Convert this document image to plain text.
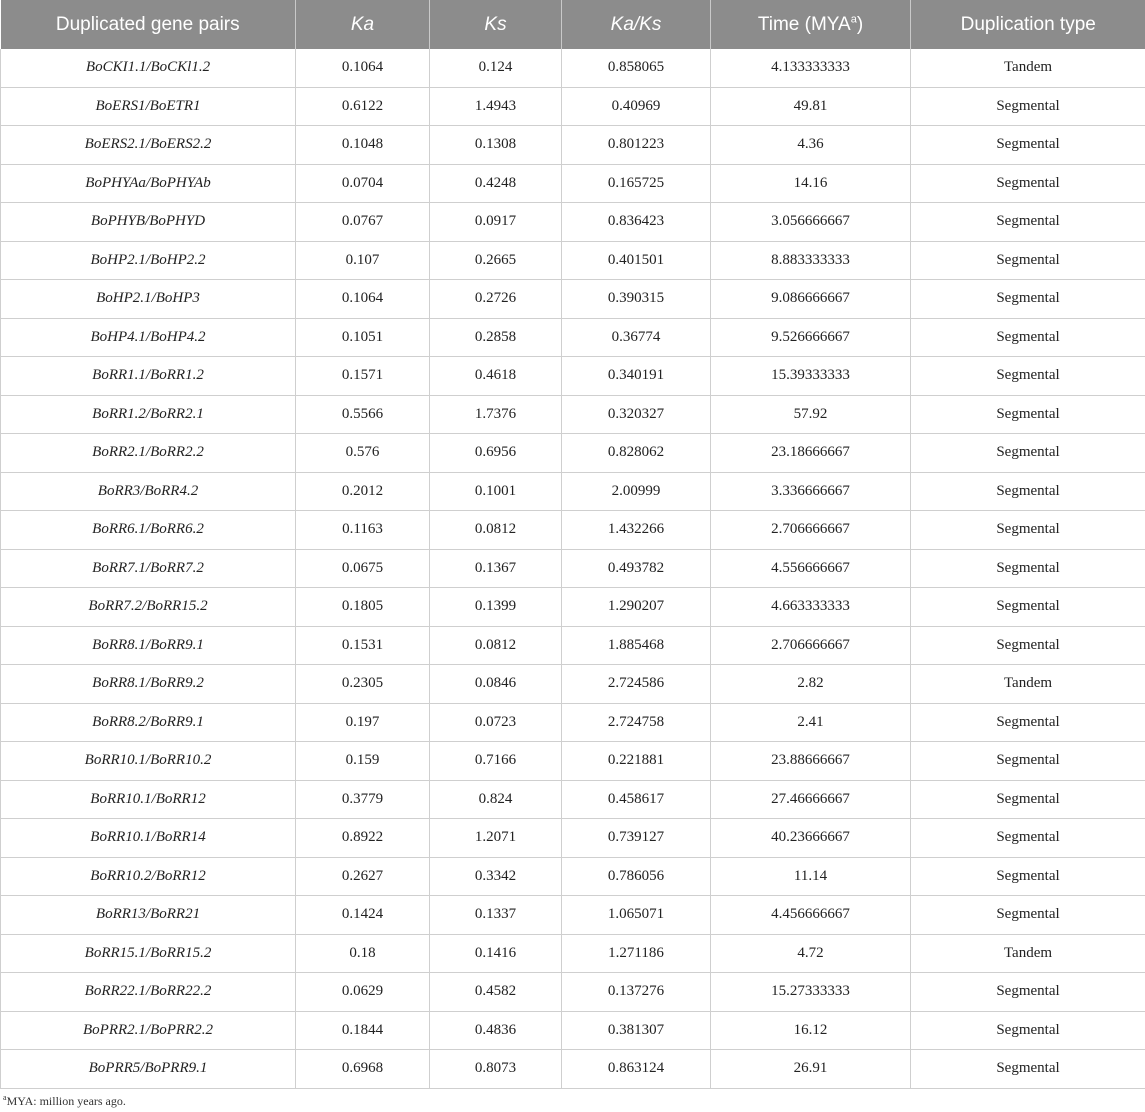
Duplicated gene pairs	Ka	Ks	Ka/Ks	Time (MYA$^a$)	Duplication type
BoCKI1.1/BoCKl1.2	0.1064	0.124	0.858065	4.133333333	Tandem
BoERS1/BoETR1	0.6122	1.4943	0.40969	49.81	Segmental
BoERS2.1/BoERS2.2	0.1048	0.1308	0.801223	4.36	Segmental
BoPHYAa/BoPHYAb	0.0704	0.4248	0.165725	14.16	Segmental
BoPHYB/BoPHYD	0.0767	0.0917	0.836423	3.056666667	Segmental
BoHP2.1/BoHP2.2	0.107	0.2665	0.401501	8.883333333	Segmental
BoHP2.1/BoHP3	0.1064	0.2726	0.390315	9.086666667	Segmental
BoHP4.1/BoHP4.2	0.1051	0.2858	0.36774	9.526666667	Segmental
BoRR1.1/BoRR1.2	0.1571	0.4618	0.340191	15.39333333	Segmental
BoRR1.2/BoRR2.1	0.5566	1.7376	0.320327	57.92	Segmental
BoRR2.1/BoRR2.2	0.576	0.6956	0.828062	23.18666667	Segmental
BoRR3/BoRR4.2	0.2012	0.1001	2.00999	3.336666667	Segmental
BoRR6.1/BoRR6.2	0.1163	0.0812	1.432266	2.706666667	Segmental
BoRR7.1/BoRR7.2	0.0675	0.1367	0.493782	4.556666667	Segmental
BoRR7.2/BoRR15.2	0.1805	0.1399	1.290207	4.663333333	Segmental
BoRR8.1/BoRR9.1	0.1531	0.0812	1.885468	2.706666667	Segmental
BoRR8.1/BoRR9.2	0.2305	0.0846	2.724586	2.82	Tandem
BoRR8.2/BoRR9.1	0.197	0.0723	2.724758	2.41	Segmental
BoRR10.1/BoRR10.2	0.159	0.7166	0.221881	23.88666667	Segmental
BoRR10.1/BoRR12	0.3779	0.824	0.458617	27.46666667	Segmental
BoRR10.1/BoRR14	0.8922	1.2071	0.739127	40.23666667	Segmental
BoRR10.2/BoRR12	0.2627	0.3342	0.786056	11.14	Segmental
BoRR13/BoRR21	0.1424	0.1337	1.065071	4.456666667	Segmental
BoRR15.1/BoRR15.2	0.18	0.1416	1.271186	4.72	Tandem
BoRR22.1/BoRR22.2	0.0629	0.4582	0.137276	15.27333333	Segmental
BoPRR2.1/BoPRR2.2	0.1844	0.4836	0.381307	16.12	Segmental
BoPRR5/BoPRR9.1	0.6968	0.8073	0.863124	26.91	Segmental
$^a$MYA: million years ago.
